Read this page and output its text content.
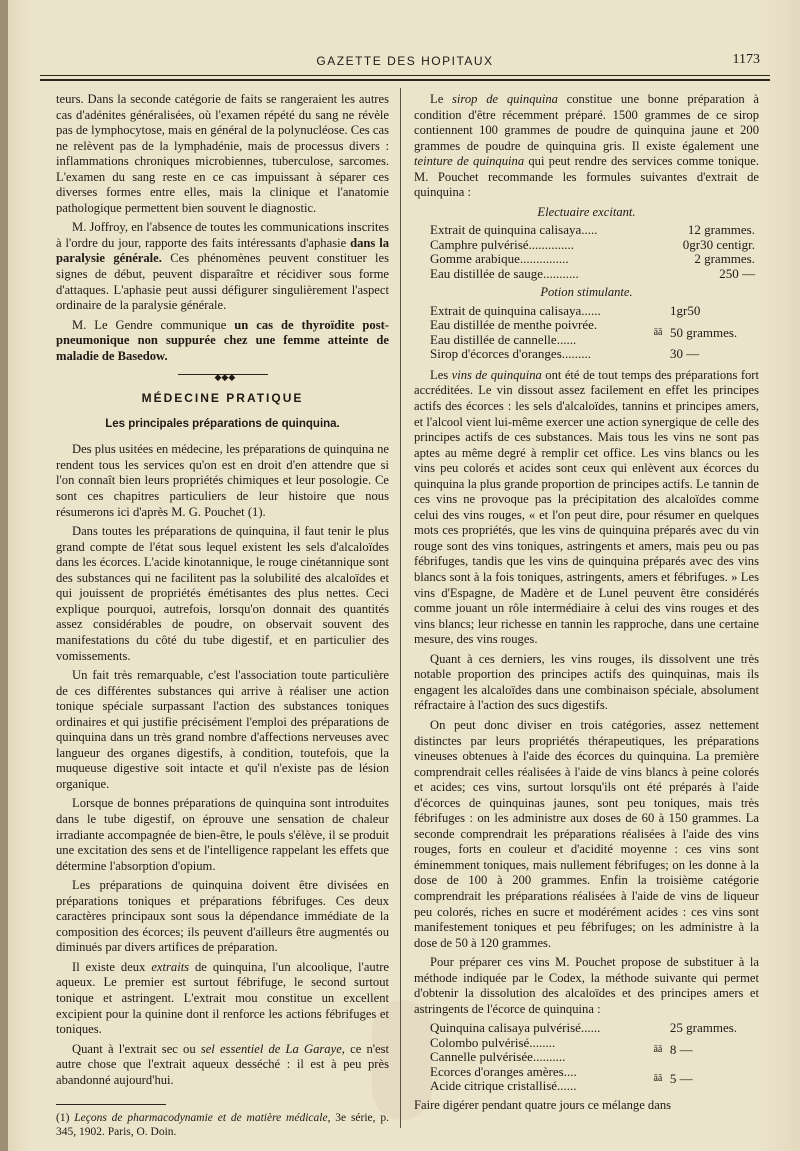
GAZETTE DES HOPITAUX	1173

teurs. Dans la seconde catégorie de faits se rangeraient les autres cas d'adénites généralisées, où l'examen répété du sang ne révèle pas de lymphocytose, mais en général de la polynucléose. Ces cas ne relèvent pas de la lymphadénie, mais de processus divers : inflammations chroniques microbiennes, tuberculose, sarcomes. L'examen du sang reste en ce cas impuissant à séparer ces diverses formes entre elles, mais la clinique et l'anatomie pathologique permettent bien souvent le diagnostic.

M. Joffroy, en l'absence de toutes les communications inscrites à l'ordre du jour, rapporte des faits intéressants d'aphasie dans la paralysie générale. Ces phénomènes peuvent constituer les signes de début, peuvent disparaître et récidiver sous forme d'attaques. L'aphasie peut aussi défigurer singulièrement l'aspect ordinaire de la paralysie générale.

M. Le Gendre communique un cas de thyroïdite post-pneumonique non suppurée chez une femme atteinte de maladie de Basedow.

◆◆◆
MÉDECINE PRATIQUE
Les principales préparations de quinquina.

Des plus usitées en médecine, les préparations de quinquina ne rendent tous les services qu'on est en droit d'en attendre que si l'on connaît bien leurs propriétés chimiques et leur posologie. Ce sont ces chapitres particuliers de leur histoire que nous résumerons ici d'après M. G. Pouchet (1).

Dans toutes les préparations de quinquina, il faut tenir le plus grand compte de l'état sous lequel existent les sels d'alcaloïdes dans les écorces. L'acide kinotannique, le rouge cinétannique sont des substances qui ne facilitent pas la solubilité des alcaloïdes et qui jouissent de propriétés émétisantes des plus nettes. Ceci explique pourquoi, autrefois, lorsqu'on donnait des quantités assez considérables de poudre, on observait souvent des manifestations du côté du tube digestif, et en particulier des vomissements.

Un fait très remarquable, c'est l'association toute particulière de ces différentes substances qui arrive à réaliser une action tonique spéciale surpassant l'action des substances toniques ordinaires et qui justifie précisément l'emploi des préparations de quinquina dans un très grand nombre d'affections nerveuses avec langueur des organes digestifs, à condition, toutefois, que la muqueuse digestive soit intacte et qu'il n'existe pas de lésion organique.

Lorsque de bonnes préparations de quinquina sont introduites dans le tube digestif, on éprouve une sensation de chaleur irradiante accompagnée de bien-être, le pouls s'élève, il se produit une excitation des sens et de l'intelligence rappelant les effets que détermine l'absorption d'opium.

Les préparations de quinquina doivent être divisées en préparations toniques et préparations fébrifuges. Ces deux caractères principaux sont sous la dépendance immédiate de la composition des écorces; ils peuvent d'ailleurs être augmentés ou diminués par divers artifices de préparation.

Il existe deux extraits de quinquina, l'un alcoolique, l'autre aqueux. Le premier est surtout fébrifuge, le second surtout tonique et astringent. L'extrait mou constitue un excellent excipient pour la quinine dont il renforce les actions fébrifuges et toniques.

Quant à l'extrait sec ou sel essentiel de La Garaye, ce n'est autre chose que l'extrait aqueux desséché : il est à peu près abandonné aujourd'hui.

(1) Leçons de pharmacodynamie et de matière médicale, 3e série, p. 345, 1902. Paris, O. Doin.

Le sirop de quinquina constitue une bonne préparation à condition d'être récemment préparé. 1500 grammes de ce sirop contiennent 100 grammes de poudre de quinquina jaune et 200 grammes de poudre de quinquina gris. Il existe également une teinture de quinquina qui peut rendre des services comme tonique. M. Pouchet recommande les formules suivantes d'extrait de quinquina :

Electuaire excitant.
Extrait de quinquina calisaya.....	12 grammes.
Camphre pulvérisé..............	0gr30 centigr.
Gomme arabique...............	2 grammes.
Eau distillée de sauge...........	250 —
Potion stimulante.
Extrait de quinquina calisaya......		1gr50
Eau distillée de menthe poivrée.	āā	50 grammes.
Eau distillée de cannelle......		
Sirop d'écorces d'oranges.........		30 —

Les vins de quinquina ont été de tout temps des préparations fort accréditées. Le vin dissout assez facilement en effet les principes actifs des écorces : les sels d'alcaloïdes, tannins et principes amers, et l'alcool vient lui-même exercer une action synergique de celle des principes actifs de ces substances. Mais tous les vins ne sont pas aptes au même degré à remplir cet office. Les vins blancs ou les vins peu colorés et acides sont ceux qui enlèvent aux écorces du quinquina la plus grande proportion de principes actifs. Le tannin de ces vins ne provoque pas la précipitation des alcaloïdes comme celui des vins rouges, « et l'on peut dire, pour résumer en quelques mots ces propriétés, que les vins de quinquina préparés avec du vin rouge sont des vins toniques, astringents et amers, mais peu ou pas fébrifuges, tandis que les vins de quinquina préparés avec des vins blancs sont à la fois toniques, astringents, amers et fébrifuges. » Les vins d'Espagne, de Madère et de Lunel peuvent être considérés comme jouant un rôle intermédiaire à celui des vins rouges et des vins blancs; leur richesse en tannin les rapproche, dans une certaine mesure, des vins rouges.

Quant à ces derniers, les vins rouges, ils dissolvent une très notable proportion des principes actifs des quinquinas, mais ils engagent les alcaloïdes dans une combinaison spéciale, absolument réfractaire à l'action des sucs digestifs.

On peut donc diviser en trois catégories, assez nettement distinctes par leurs propriétés thérapeutiques, les préparations vineuses obtenues à l'aide des écorces du quinquina. La première comprendrait celles réalisées à l'aide de vins blancs à peine colorés et acides; ces vins, surtout lorsqu'ils ont été préparés à l'aide d'écorces de quinquinas jaunes, sont peu toniques, mais très fébrifuges : on les administre aux doses de 60 à 150 grammes. La seconde comprendrait les préparations réalisées à l'aide des vins rouges, forts en couleur et d'acidité moyenne : ces vins sont éminemment toniques, mais nullement fébrifuges; on les donne à la dose de 100 à 200 grammes. Enfin la troisième catégorie comprendrait les préparations réalisées à l'aide de vins de liqueur peu colorés, riches en sucre et modérément acides : ces vins sont manifestement toniques et peu fébrifuges; on les administre à la dose de 50 à 120 grammes.

Pour préparer ces vins M. Pouchet propose de substituer à la méthode indiquée par le Codex, la méthode suivante qui permet d'obtenir la dissolution des alcaloïdes et des principes amers et astringents de l'écorce de quinquina :

Quinquina calisaya pulvérisé......		25 grammes.
Colombo pulvérisé........	āā	8 —
Cannelle pulvérisée..........		
Ecorces d'oranges amères....	āā	5 —
Acide citrique cristallisé......		

Faire digérer pendant quatre jours ce mélange dans
